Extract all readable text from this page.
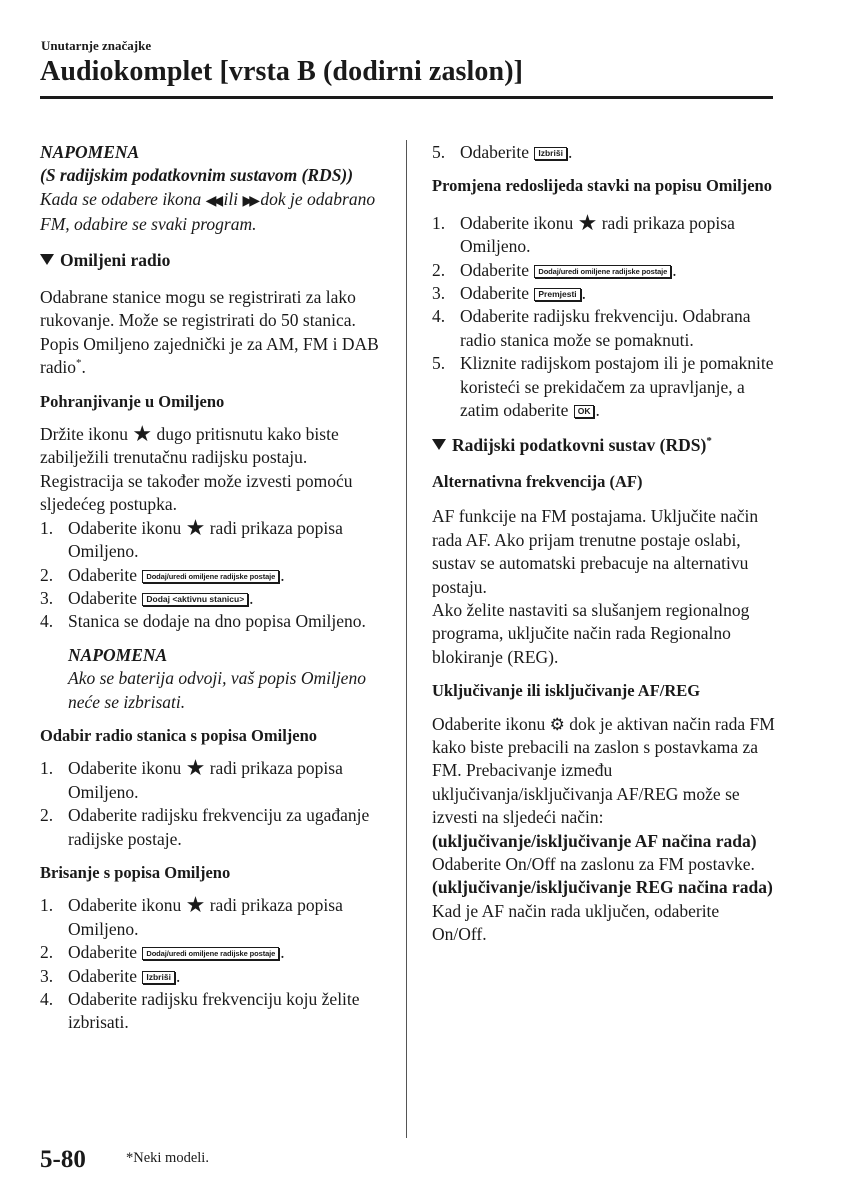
Unutarnje značajke
Audiokomplet [vrsta B (dodirni zaslon)]

NAPOMENA

(S radijskim podatkovnim sustavom (RDS))

Kada se odabere ikona ◀◀ ili ▶▶ dok je odabrano FM, odabire se svaki program.

Omiljeni radio

Odabrane stanice mogu se registrirati za lako rukovanje. Može se registrirati do 50 stanica. Popis Omiljeno zajednički je za AM, FM i DAB radio*.

Pohranjivanje u Omiljeno

Držite ikonu ★ dugo pritisnutu kako biste zabilježili trenutačnu radijsku postaju. Registracija se također može izvesti pomoću sljedećeg postupka.

1. Odaberite ikonu ★ radi prikaza popisa Omiljeno.
2. Odaberite Dodaj/uredi omiljene radijske postaje .
3. Odaberite Dodaj <aktivnu stanicu> .
4. Stanica se dodaje na dno popisa Omiljeno.

NAPOMENA

Ako se baterija odvoji, vaš popis Omiljeno neće se izbrisati.

Odabir radio stanica s popisa Omiljeno

1. Odaberite ikonu ★ radi prikaza popisa Omiljeno.
2. Odaberite radijsku frekvenciju za ugađanje radijske postaje.

Brisanje s popisa Omiljeno

1. Odaberite ikonu ★ radi prikaza popisa Omiljeno.
2. Odaberite Dodaj/uredi omiljene radijske postaje .
3. Odaberite Izbriši .
4. Odaberite radijsku frekvenciju koju želite izbrisati.
5. Odaberite Izbriši .

Promjena redoslijeda stavki na popisu Omiljeno

1. Odaberite ikonu ★ radi prikaza popisa Omiljeno.
2. Odaberite Dodaj/uredi omiljene radijske postaje .
3. Odaberite Premjesti .
4. Odaberite radijsku frekvenciju. Odabrana radio stanica može se pomaknuti.
5. Kliznite radijskom postajom ili je pomaknite koristeći se prekidačem za upravljanje, a zatim odaberite OK .

Radijski podatkovni sustav (RDS)*

Alternativna frekvencija (AF)

AF funkcije na FM postajama. Uključite način rada AF. Ako prijam trenutne postaje oslabi, sustav se automatski prebacuje na alternativu postaju.

Ako želite nastaviti sa slušanjem regionalnog programa, uključite način rada Regionalno blokiranje (REG).

Uključivanje ili isključivanje AF/REG

Odaberite ikonu ⚙ dok je aktivan način rada FM kako biste prebacili na zaslon s postavkama za FM. Prebacivanje između uključivanja/isključivanja AF/REG može se izvesti na sljedeći način:

(uključivanje/isključivanje AF načina rada)

Odaberite On/Off na zaslonu za FM postavke.

(uključivanje/isključivanje REG načina rada)

Kad je AF način rada uključen, odaberite On/Off.

5-80	*Neki modeli.
